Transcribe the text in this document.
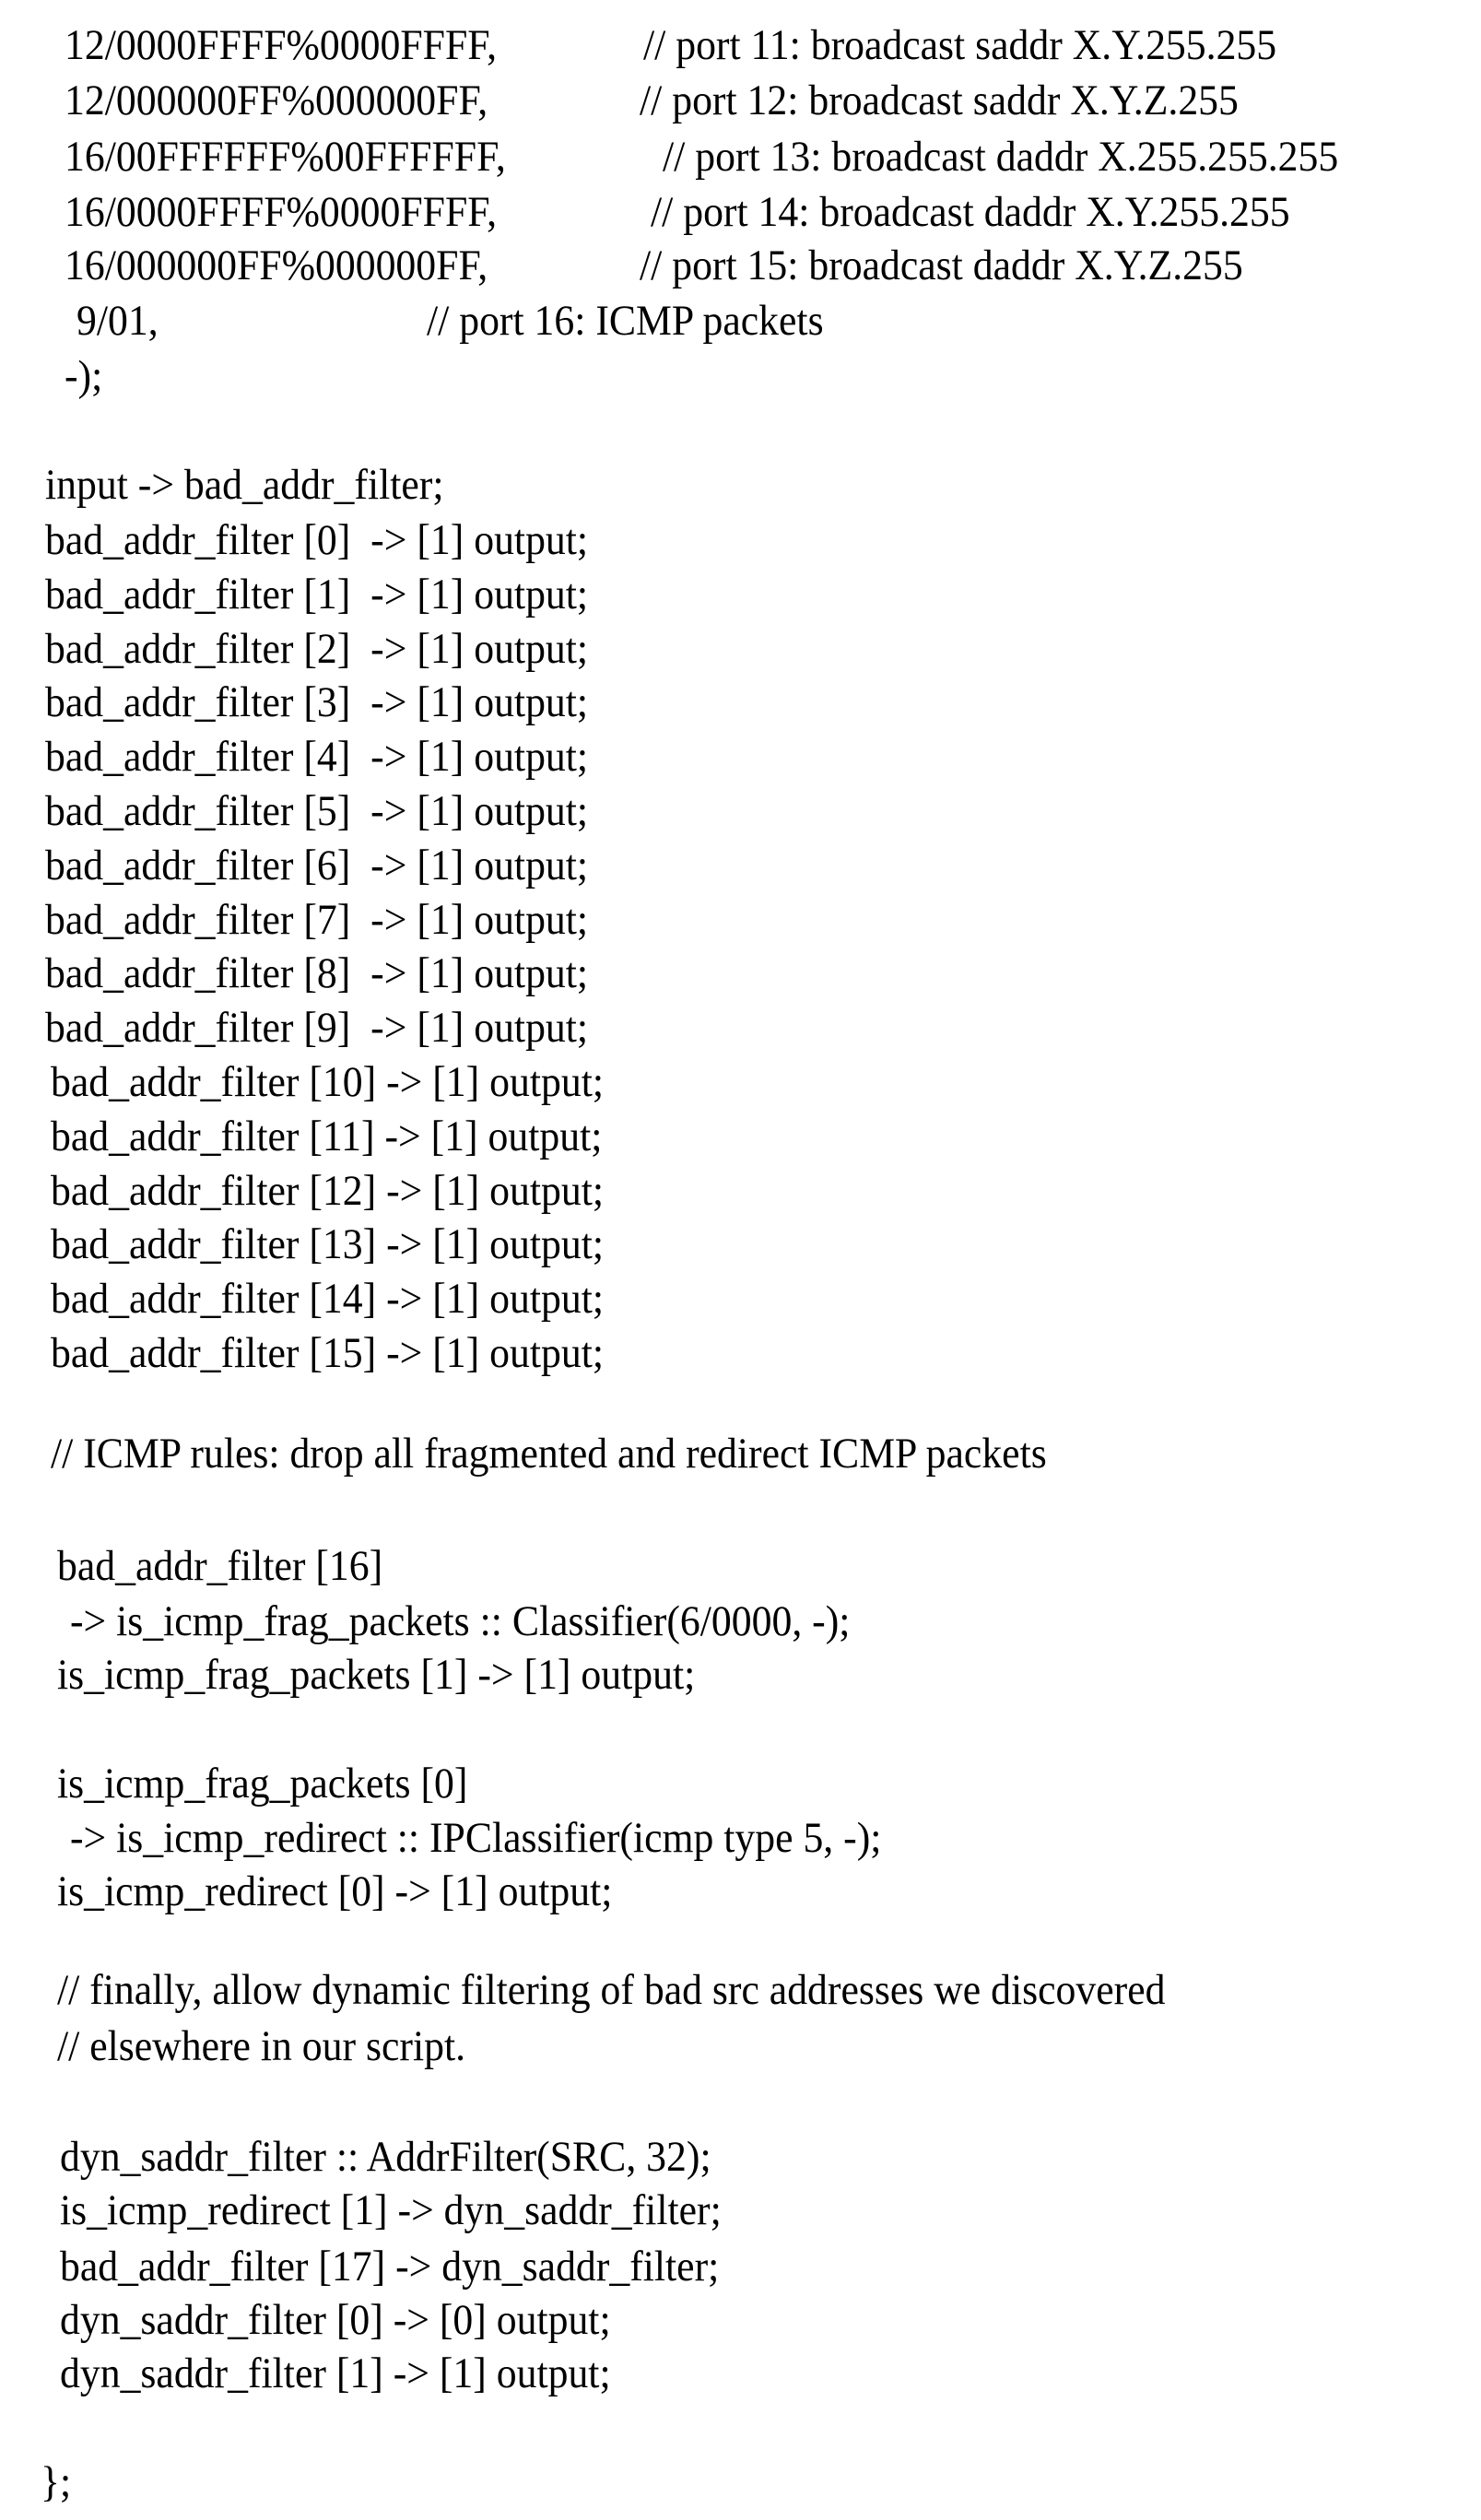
12/0000FFFF%0000FFFF,	// port 11: broadcast saddr X.Y.255.255
12/000000FF%000000FF,	// port 12: broadcast saddr X.Y.Z.255
16/00FFFFFF%00FFFFFF,	// port 13: broadcast daddr X.255.255.255
16/0000FFFF%0000FFFF,	// port 14: broadcast daddr X.Y.255.255
16/000000FF%000000FF,	// port 15: broadcast daddr X.Y.Z.255
9/01,	// port 16: ICMP packets
-);
input -> bad_addr_filter;
bad_addr_filter [0]  -> [1] output;
bad_addr_filter [1]  -> [1] output;
bad_addr_filter [2]  -> [1] output;
bad_addr_filter [3]  -> [1] output;
bad_addr_filter [4]  -> [1] output;
bad_addr_filter [5]  -> [1] output;
bad_addr_filter [6]  -> [1] output;
bad_addr_filter [7]  -> [1] output;
bad_addr_filter [8]  -> [1] output;
bad_addr_filter [9]  -> [1] output;
bad_addr_filter [10] -> [1] output;
bad_addr_filter [11] -> [1] output;
bad_addr_filter [12] -> [1] output;
bad_addr_filter [13] -> [1] output;
bad_addr_filter [14] -> [1] output;
bad_addr_filter [15] -> [1] output;
// ICMP rules: drop all fragmented and redirect ICMP packets
bad_addr_filter [16]
-> is_icmp_frag_packets :: Classifier(6/0000, -);
is_icmp_frag_packets [1] -> [1] output;
is_icmp_frag_packets [0]
-> is_icmp_redirect :: IPClassifier(icmp type 5, -);
is_icmp_redirect [0] -> [1] output;
// finally, allow dynamic filtering of bad src addresses we discovered
// elsewhere in our script.
dyn_saddr_filter :: AddrFilter(SRC, 32);
is_icmp_redirect [1] -> dyn_saddr_filter;
bad_addr_filter [17] -> dyn_saddr_filter;
dyn_saddr_filter [0] -> [0] output;
dyn_saddr_filter [1] -> [1] output;
};
